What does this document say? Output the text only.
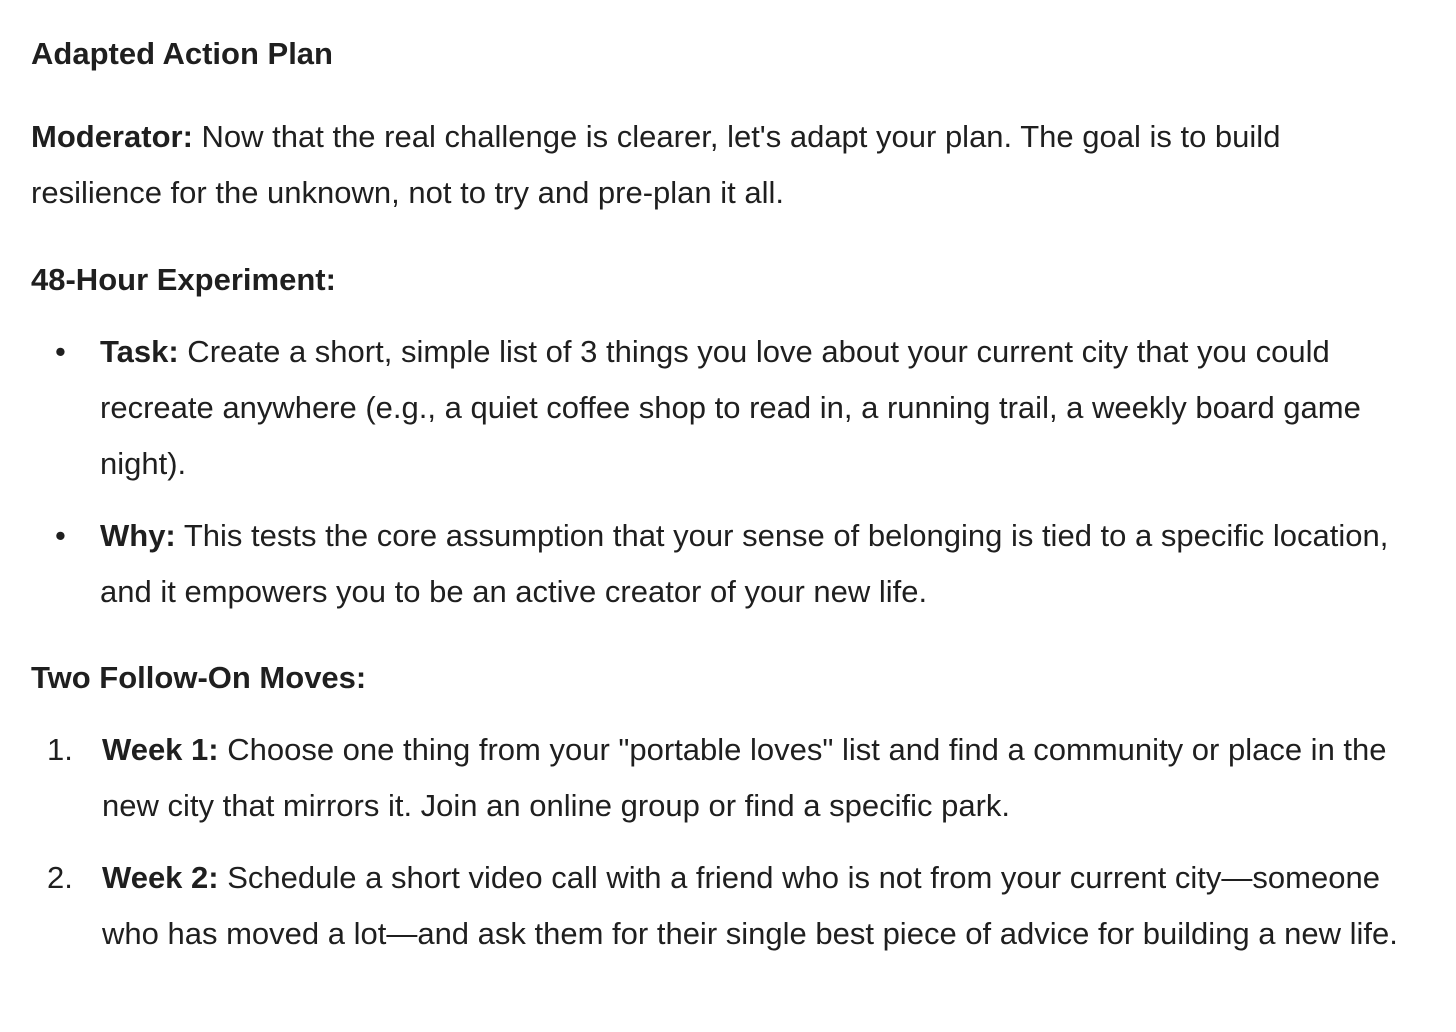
Adapted Action Plan

Moderator: Now that the real challenge is clearer, let's adapt your plan. The goal is to build resilience for the unknown, not to try and pre-plan it all.

48-Hour Experiment:
•	Task: Create a short, simple list of 3 things you love about your current city that you could recreate anywhere (e.g., a quiet coffee shop to read in, a running trail, a weekly board game night).
•	Why: This tests the core assumption that your sense of belonging is tied to a specific location, and it empowers you to be an active creator of your new life.
Two Follow-On Moves:
1. Week 1: Choose one thing from your "portable loves" list and find a community or place in the new city that mirrors it. Join an online group or find a specific park.
2. Week 2: Schedule a short video call with a friend who is not from your current city—someone who has moved a lot—and ask them for their single best piece of advice for building a new life.
